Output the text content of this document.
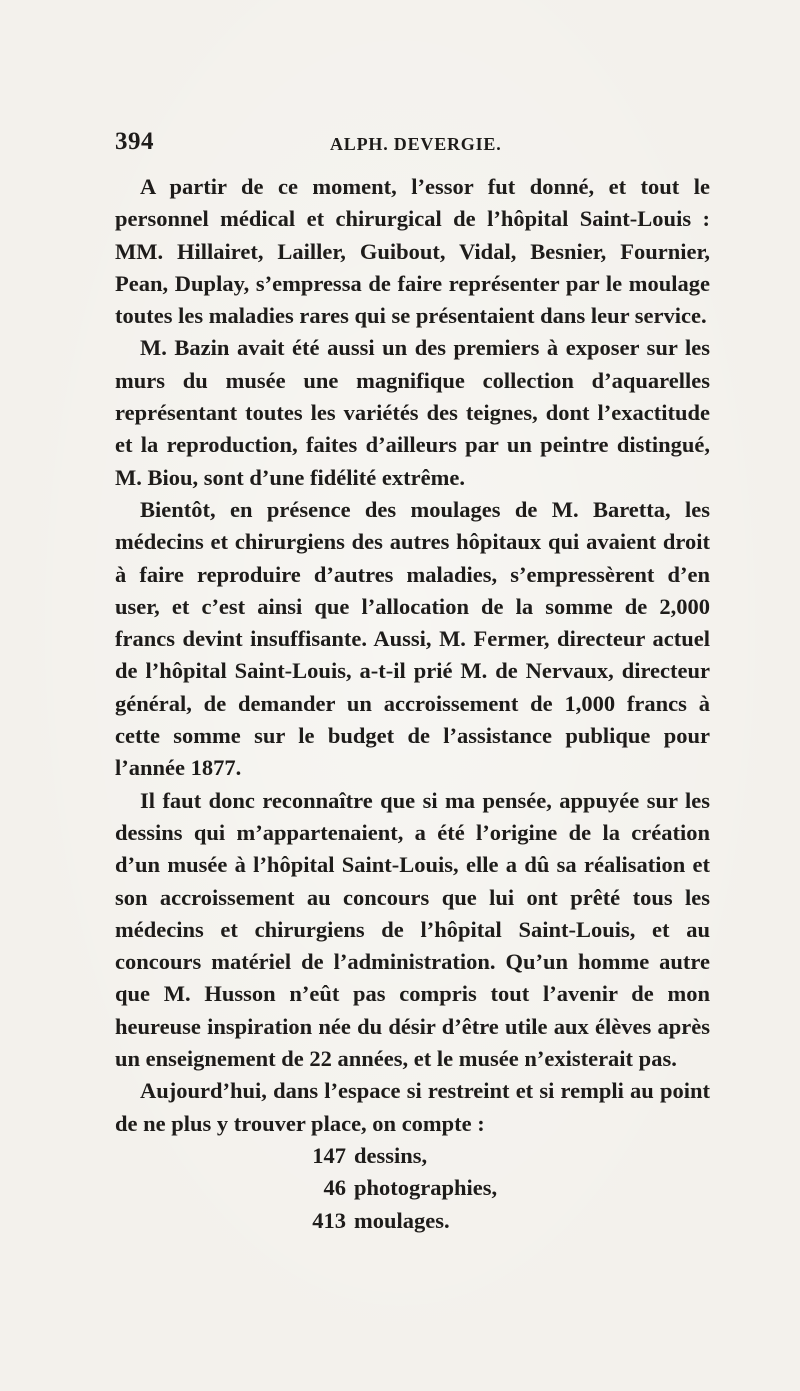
394	ALPH. DEVERGIE.

A partir de ce moment, l’essor fut donné, et tout le personnel médical et chirurgical de l’hôpital Saint-Louis : MM. Hillairet, Lailler, Guibout, Vidal, Besnier, Fournier, Pean, Duplay, s’empressa de faire représenter par le moulage toutes les maladies rares qui se présentaient dans leur service.

M. Bazin avait été aussi un des premiers à exposer sur les murs du musée une magnifique collection d’aquarelles représentant toutes les variétés des teignes, dont l’exactitude et la reproduction, faites d’ailleurs par un peintre distingué, M. Biou, sont d’une fidélité extrême.

Bientôt, en présence des moulages de M. Baretta, les médecins et chirurgiens des autres hôpitaux qui avaient droit à faire reproduire d’autres maladies, s’empressèrent d’en user, et c’est ainsi que l’allocation de la somme de 2,000 francs devint insuffisante. Aussi, M. Fermer, directeur actuel de l’hôpital Saint-Louis, a-t-il prié M. de Nervaux, directeur général, de demander un accroissement de 1,000 francs à cette somme sur le budget de l’assistance publique pour l’année 1877.

Il faut donc reconnaître que si ma pensée, appuyée sur les dessins qui m’appartenaient, a été l’origine de la création d’un musée à l’hôpital Saint-Louis, elle a dû sa réalisation et son accroissement au concours que lui ont prêté tous les médecins et chirurgiens de l’hôpital Saint-Louis, et au concours matériel de l’administration. Qu’un homme autre que M. Husson n’eût pas compris tout l’avenir de mon heureuse inspiration née du désir d’être utile aux élèves après un enseignement de 22 années, et le musée n’existerait pas.

Aujourd’hui, dans l’espace si restreint et si rempli au point de ne plus y trouver place, on compte :

147 dessins,
46 photographies,
413 moulages.
